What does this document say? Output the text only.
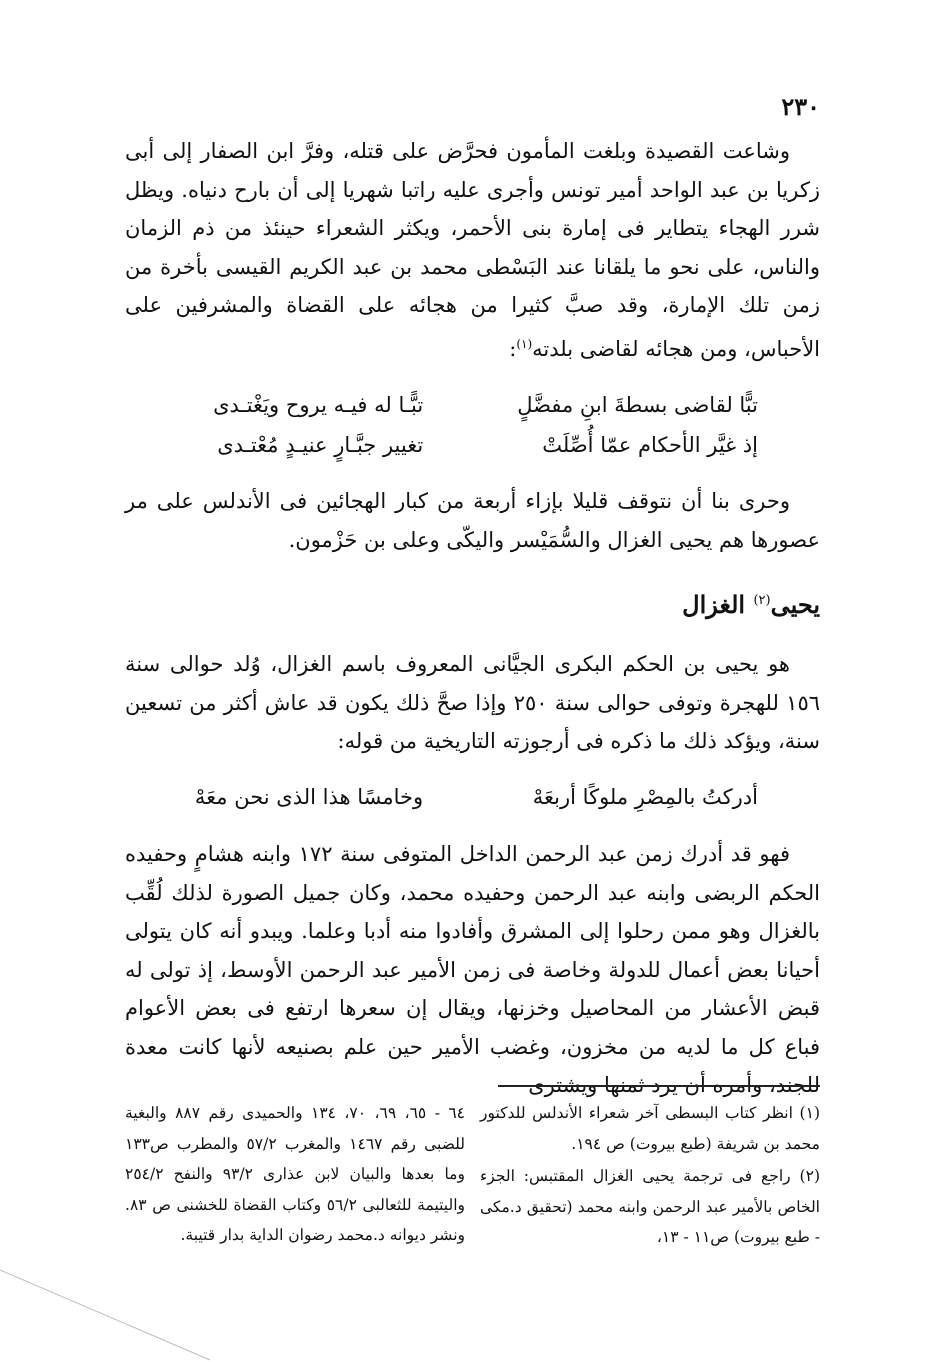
٢٣٠
وشاعت القصيدة وبلغت المأمون فحرَّض على قتله، وفرَّ ابن الصفار إلى أبى زكريا بن عبد الواحد أمير تونس وأجرى عليه راتبا شهريا إلى أن بارح دنياه. ويظل شرر الهجاء يتطاير فى إمارة بنى الأحمر، ويكثر الشعراء حينئذ من ذم الزمان والناس، على نحو ما يلقانا عند البَسْطى محمد بن عبد الكريم القيسى بأخرة من زمن تلك الإمارة، وقد صبَّ كثيرا من هجائه على القضاة والمشرفين على الأحباس، ومن هجائه لقاضى بلدته$^{(١)}$:
تبًّا لقاضى بسطةَ ابنِ مفضَّلٍ
تبًّـا له فيـه يروح ويَغْتـدى
إذ غيَّر الأحكام عمّا أُصِّلَتْ
تغيير جبَّـارٍ عنيـدٍ مُعْتـدى
وحرى بنا أن نتوقف قليلا بإزاء أربعة من كبار الهجائين فى الأندلس على مر عصورها هم يحيى الغزال والسُّمَيْسر واليكّى وعلى بن حَزْمون.
يحيى$^{(٢)}$ الغزال
هو يحيى بن الحكم البكرى الجيَّانى المعروف باسم الغزال، وُلد حوالى سنة ١٥٦ للهجرة وتوفى حوالى سنة ٢٥٠ وإذا صحَّ ذلك يكون قد عاش أكثر من تسعين سنة، ويؤكد ذلك ما ذكره فى أرجوزته التاريخية من قوله:
أدركتُ بالمِصْرِ ملوكًا أربعَهْ
وخامسًا هذا الذى نحن معَهْ
فهو قد أدرك زمن عبد الرحمن الداخل المتوفى سنة ١٧٢ وابنه هشامٍ وحفيده الحكم الربضى وابنه عبد الرحمن وحفيده محمد، وكان جميل الصورة لذلك لُقِّب بالغزال وهو ممن رحلوا إلى المشرق وأفادوا منه أدبا وعلما. ويبدو أنه كان يتولى أحيانا بعض أعمال للدولة وخاصة فى زمن الأمير عبد الرحمن الأوسط، إذ تولى له قبض الأعشار من المحاصيل وخزنها، ويقال إن سعرها ارتفع فى بعض الأعوام فباع كل ما لديه من مخزون، وغضب الأمير حين علم بصنيعه لأنها كانت معدة للجند، وأمره أن يرد ثمنها ويشترى

(١) انظر كتاب البسطى آخر شعراء الأندلس للدكتور محمد بن شريفة (طبع بيروت) ص ١٩٤.

(٢) راجع فى ترجمة يحيى الغزال المقتبس: الجزء الخاص بالأمير عبد الرحمن وابنه محمد (تحقيق د.مكى - طبع بيروت) ص١١ - ١٣،

٦٤ - ٦٥، ٦٩، ٧٠، ١٣٤ والحميدى رقم ٨٨٧ والبغية للضبى رقم ١٤٦٧ والمغرب ٥٧/٢ والمطرب ص١٣٣ وما بعدها والبيان لابن عذارى ٩٣/٢ والنفح ٢٥٤/٢ واليتيمة للثعالبى ٥٦/٢ وكتاب القضاة للخشنى ص ٨٣. ونشر ديوانه د.محمد رضوان الداية بدار قتيبة.
